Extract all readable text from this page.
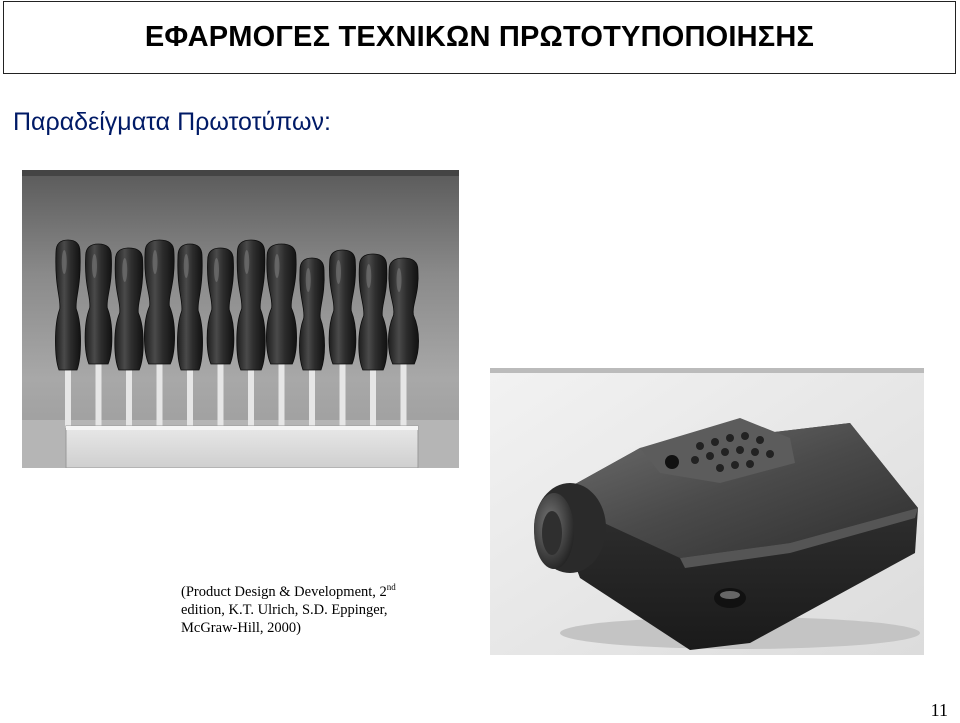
ΕΦΑΡΜΟΓΕΣ ΤΕΧΝΙΚΩΝ ΠΡΩΤΟΤΥΠΟΠΟΙΗΣΗΣ

Παραδείγματα Πρωτοτύπων:

(Product Design & Development, 2nd
edition, K.T. Ulrich, S.D. Eppinger,
McGraw-Hill, 2000)
11
